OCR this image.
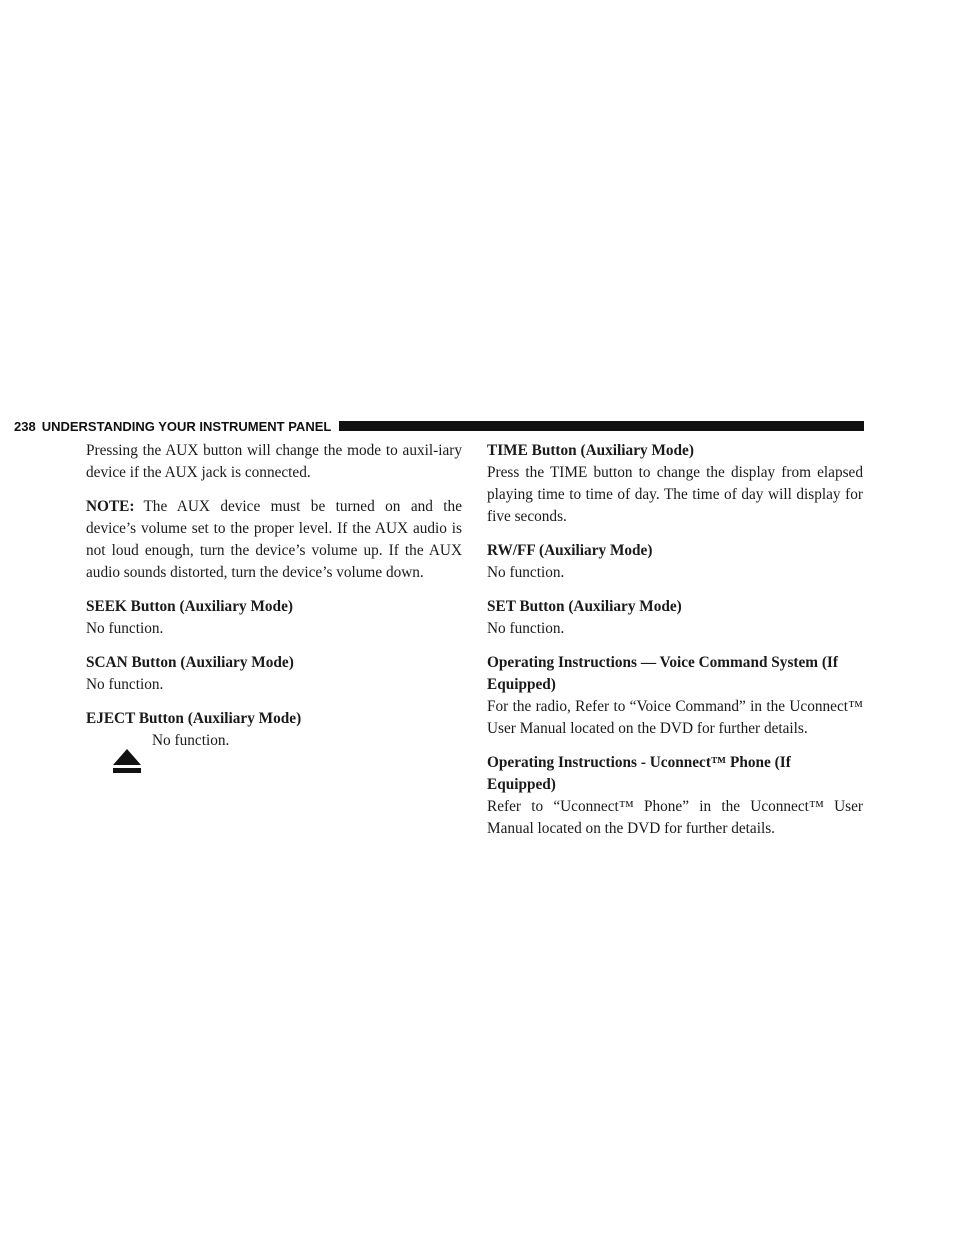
238 UNDERSTANDING YOUR INSTRUMENT PANEL

Pressing the AUX button will change the mode to auxil-iary device if the AUX jack is connected.

NOTE: The AUX device must be turned on and the device’s volume set to the proper level. If the AUX audio is not loud enough, turn the device’s volume up. If the AUX audio sounds distorted, turn the device’s volume down.

SEEK Button (Auxiliary Mode)

No function.

SCAN Button (Auxiliary Mode)

No function.

EJECT Button (Auxiliary Mode)
No function.
TIME Button (Auxiliary Mode)

Press the TIME button to change the display from elapsed playing time to time of day. The time of day will display for five seconds.

RW/FF (Auxiliary Mode)

No function.

SET Button (Auxiliary Mode)

No function.

Operating Instructions — Voice Command System (If Equipped)

For the radio, Refer to “Voice Command” in the Uconnect™ User Manual located on the DVD for further details.

Operating Instructions - Uconnect™ Phone (If Equipped)

Refer to “Uconnect™ Phone” in the Uconnect™ User Manual located on the DVD for further details.
